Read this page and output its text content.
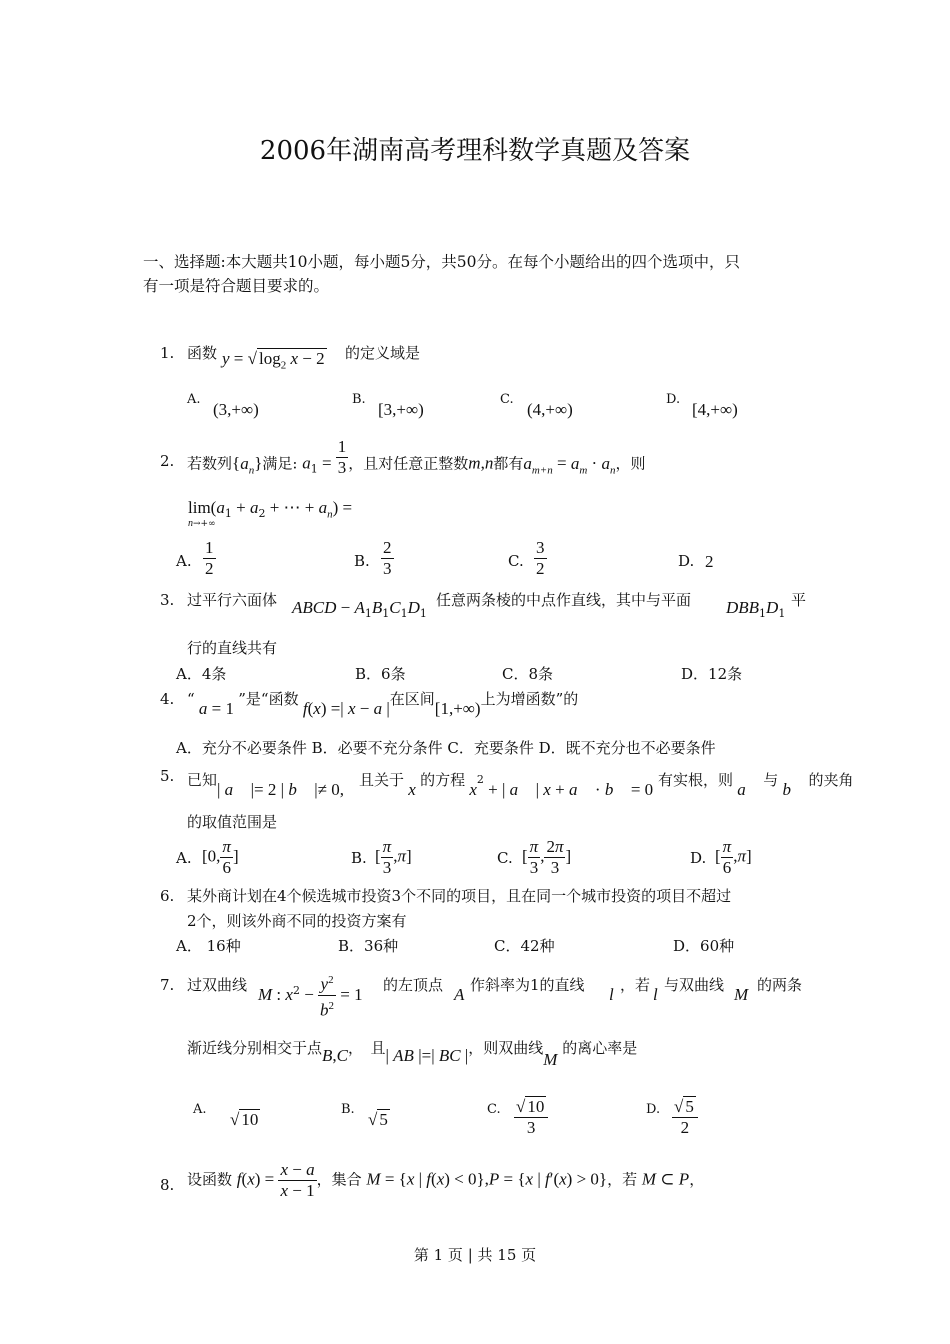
2006年湖南高考理科数学真题及答案
一、选择题:本大题共10小题，每小题5分，共50分。在每个小题给出的四个选项中，只
有一项是符合题目要求的。
1. 函数 y = √ $\log_2 x - 2$ 的定义域是
A.
(3,+∞)
B.
[3,+∞)
C.
(4,+∞)
D.
[4,+∞)
2. 若数列$\{a_n\}$满足: $a_1 = \frac{1}{3}$ ，且对任意正整数m,n都有$a_{m+n} = a_m \cdot a_n$，则
$\lim(a_1 + a_2$ + ⋯ + $a_n$) =
n→+∞
A. $\frac{1}{2}$	B. $\frac{2}{3}$	C. $\frac{3}{2}$	D. 2
3. 过平行六面体 ABCD − $A_1B_1C_1D_1$
任意两条棱的中点作直线，其中与平面 $DBB_1D_1$
平
行的直线共有
A．4条	B．6条	C．8条	D．12条
4. “ a = 1 ”是“函数 f(x) =| x − a |在区间[1,+∞)上为增函数”的
A．充分不必要条件 B．必要不充分条件 C．充要条件 D．既不充分也不必要条件
5. 已知| a⃗ |= 2 | b⃗ |≠ 0,　且关于 x 的方程 $x^2$ + | a⃗ | x + a⃗ · b⃗ = 0 有实根，则 a⃗ 与 b⃗ 的夹角
的取值范围是
A. [0, $\frac{\pi}{6}$ ]	B. [ $\frac{\pi}{3} ,\pi$]	C. [ $\frac{\pi}{3}$ , $\frac{2\pi}{3}$ ]	D. [ $\frac{\pi}{6} ,\pi$]
6. 某外商计划在4个候选城市投资3个不同的项目，且在同一个城市投资的项目不超过
2个，则该外商不同的投资方案有
A． 16种	B．36种	C．42种	D．60种
7. 过双曲线
M : $x^2 - \frac{y^2}{b^2} = 1$
的左顶点 A 作斜率为1的直线 l ，若 l 与双曲线 M 的两条
渐近线分别相交于点B,C，　且| AB |=| BC |，则双曲线M 的离心率是
A.
√ 10
B.
√ 5
C. $\frac{√ 10}{3}$	D. $\frac{√ 5}{2}$
8. 设函数 $f(x) = \frac{x - a}{x - 1}$ ，集合 M = {x | f(x) < 0},P = {x | f′(x) > 0}，若 M ⊂ P，
第 1 页 | 共 15 页
